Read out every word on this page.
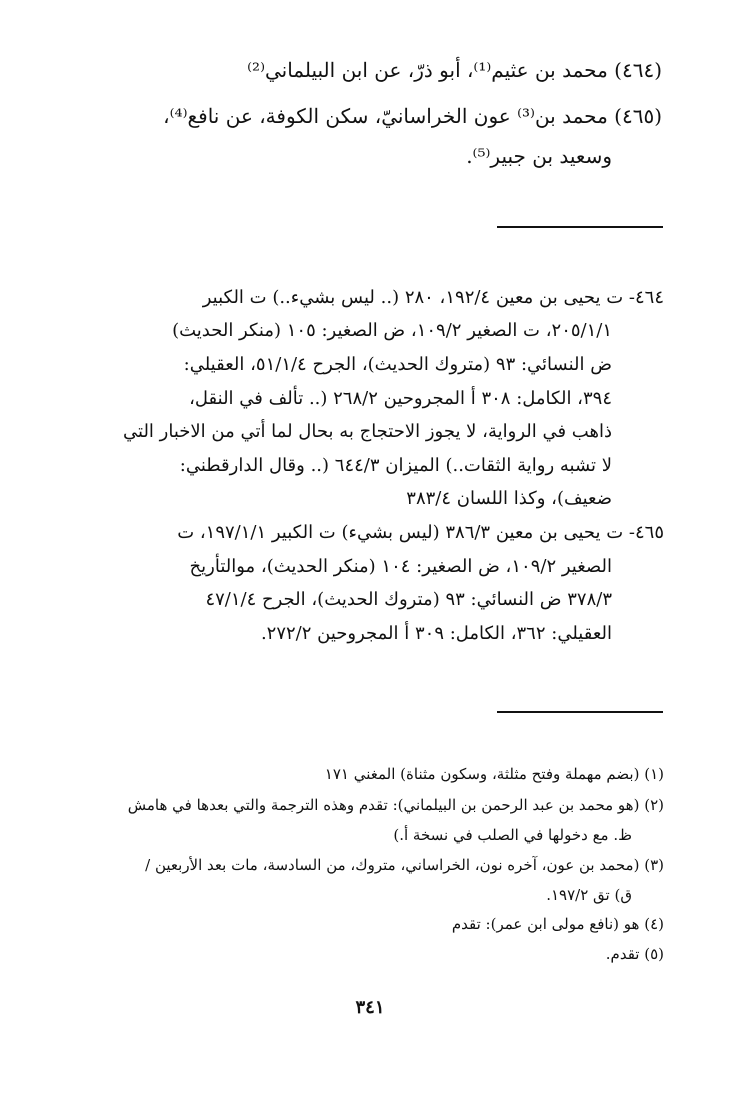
(٤٦٤) محمد بن عثيم⁽¹⁾، أبو ذرّ، عن ابن البيلماني⁽²⁾
(٤٦٥) محمد بن⁽³⁾ عون الخراسانيّ، سكن الكوفة، عن نافع⁽⁴⁾،
وسعيد بن جبير⁽⁵⁾.
٤٦٤- ت يحيى بن معين ١٩٢/٤، ٢٨٠ (.. ليس بشيء..) ت الكبير
٢٠٥/١/١، ت الصغير ١٠٩/٢، ض الصغير: ١٠٥ (منكر الحديث)
ض النسائي: ٩٣ (متروك الحديث)، الجرح ٥١/١/٤، العقيلي:
٣٩٤، الكامل: ٣٠٨ أ المجروحين ٢٦٨/٢ (.. تألف في النقل،
ذاهب في الرواية، لا يجوز الاحتجاج به بحال لما أتي من الاخبار التي
لا تشبه رواية الثقات..) الميزان ٦٤٤/٣ (.. وقال الدارقطني:
ضعيف)، وكذا اللسان ٣٨٣/٤
٤٦٥- ت يحيى بن معين ٣٨٦/٣ (ليس بشيء) ت الكبير ١٩٧/١/١، ت
الصغير ١٠٩/٢، ض الصغير: ١٠٤ (منكر الحديث)، موالتأريخ
٣٧٨/٣ ض النسائي: ٩٣ (متروك الحديث)، الجرح ٤٧/١/٤
العقيلي: ٣٦٢، الكامل: ٣٠٩ أ المجروحين ٢٧٢/٢.
(١) (بضم مهملة وفتح مثلثة، وسكون مثناة) المغني ١٧١
(٢) (هو محمد بن عبد الرحمن بن البيلماني): تقدم وهذه الترجمة والتي بعدها في هامش
ظ. مع دخولها في الصلب في نسخة أ.)
(٣) (محمد بن عون، آخره نون، الخراساني، متروك، من السادسة، مات بعد الأربعين /
ق) تق ١٩٧/٢.
(٤) هو (نافع مولى ابن عمر): تقدم
(٥) تقدم.
٣٤١
